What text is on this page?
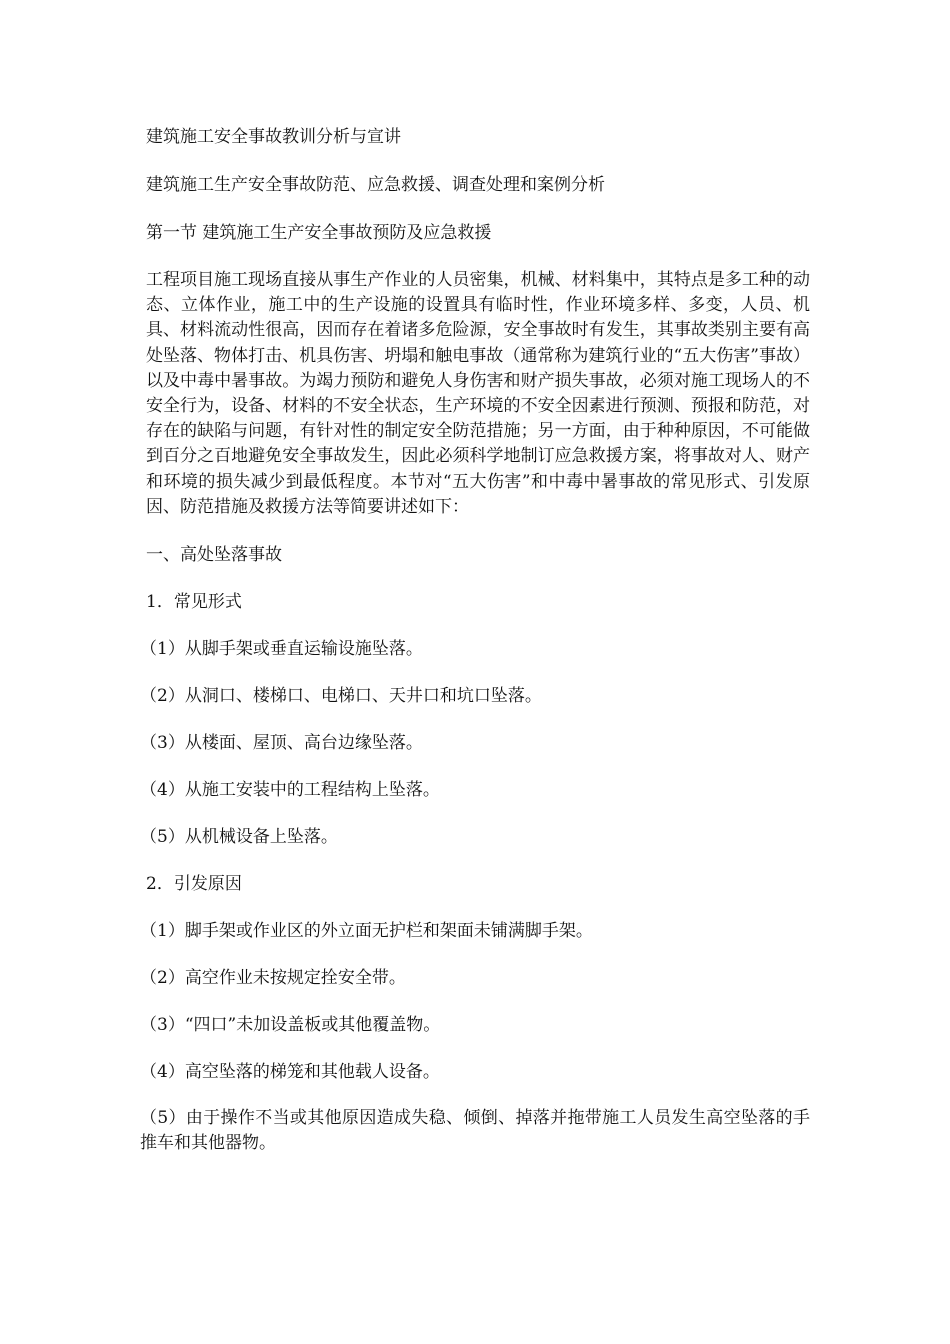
建筑施工安全事故教训分析与宣讲

建筑施工生产安全事故防范、应急救援、调查处理和案例分析

第一节 建筑施工生产安全事故预防及应急救援

工程项目施工现场直接从事生产作业的人员密集，机械、材料集中，其特点是多工种的动态、立体作业，施工中的生产设施的设置具有临时性，作业环境多样、多变，人员、机具、材料流动性很高，因而存在着诸多危险源，安全事故时有发生，其事故类别主要有高处坠落、物体打击、机具伤害、坍塌和触电事故（通常称为建筑行业的“五大伤害”事故）以及中毒中暑事故。为竭力预防和避免人身伤害和财产损失事故，必须对施工现场人的不安全行为，设备、材料的不安全状态，生产环境的不安全因素进行预测、预报和防范，对存在的缺陷与问题，有针对性的制定安全防范措施；另一方面，由于种种原因，不可能做到百分之百地避免安全事故发生，因此必须科学地制订应急救援方案，将事故对人、财产和环境的损失减少到最低程度。本节对“五大伤害”和中毒中暑事故的常见形式、引发原因、防范措施及救援方法等简要讲述如下：

一、高处坠落事故

1．常见形式

（1）从脚手架或垂直运输设施坠落。

（2）从洞口、楼梯口、电梯口、天井口和坑口坠落。

（3）从楼面、屋顶、高台边缘坠落。

（4）从施工安装中的工程结构上坠落。

（5）从机械设备上坠落。

2．引发原因

（1）脚手架或作业区的外立面无护栏和架面未铺满脚手架。

（2）高空作业未按规定拴安全带。

（3）“四口”未加设盖板或其他覆盖物。

（4）高空坠落的梯笼和其他载人设备。

（5）由于操作不当或其他原因造成失稳、倾倒、掉落并拖带施工人员发生高空坠落的手推车和其他器物。
